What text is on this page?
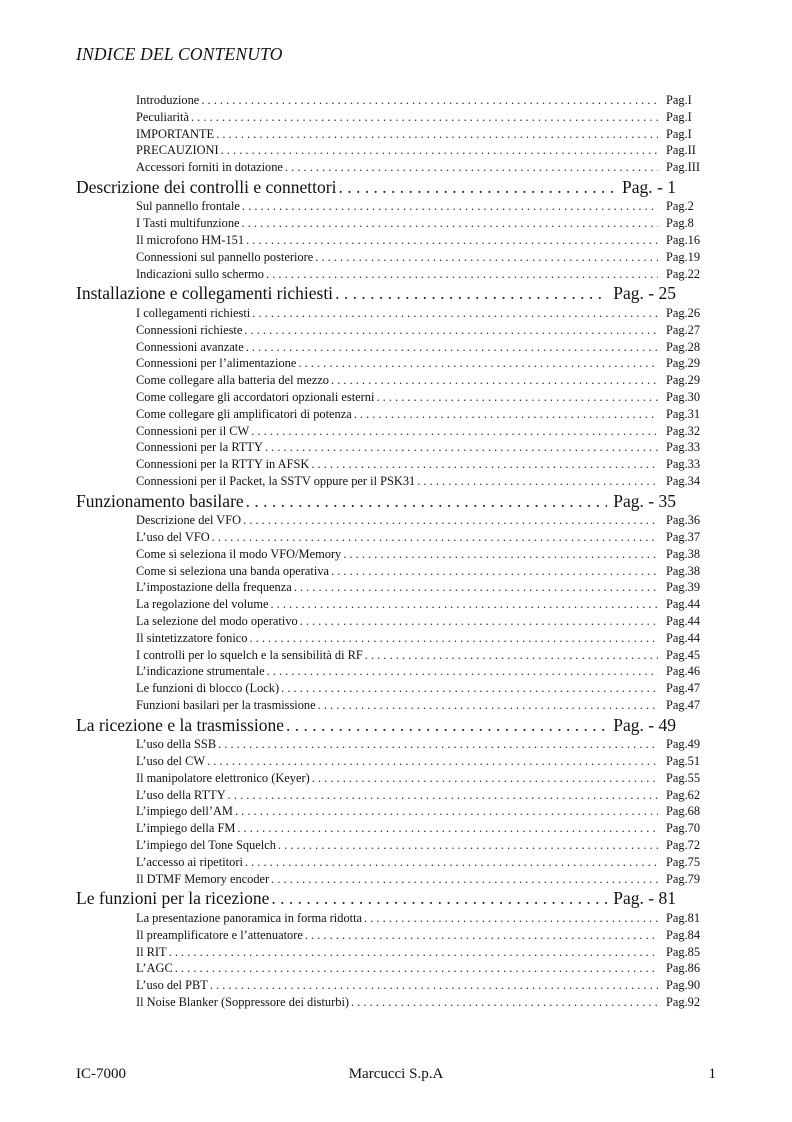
INDICE DEL CONTENUTO
Introduzione . . .	Pag.I
Peculiarità . . .	Pag.I
IMPORTANTE . . .	Pag.I
PRECAUZIONI . . .	Pag.II
Accessori forniti in dotazione . . .	Pag.III
Descrizione dei controlli e connettori . . .	Pag. - 1
Sul pannello frontale . . .	Pag.2
I Tasti multifunzione . . .	Pag.8
Il microfono HM-151 . . .	Pag.16
Connessioni sul pannello posteriore . . .	Pag.19
Indicazioni sullo schermo . . .	Pag.22
Installazione e collegamenti richiesti . . .	Pag. - 25
I collegamenti richiesti . . .	Pag.26
Connessioni richieste . . .	Pag.27
Connessioni avanzate . . .	Pag.28
Connessioni per l’alimentazione . . .	Pag.29
Come collegare alla batteria del mezzo . . .	Pag.29
Come collegare gli accordatori opzionali esterni . . .	Pag.30
Come collegare gli amplificatori di potenza . . .	Pag.31
Connessioni per il CW . . .	Pag.32
Connessioni per la RTTY . . .	Pag.33
Connessioni per la RTTY in AFSK . . .	Pag.33
Connessioni per il Packet, la SSTV oppure per il PSK31 . . .	Pag.34
Funzionamento basilare . . .	Pag. - 35
Descrizione del VFO . . .	Pag.36
L’uso del VFO . . .	Pag.37
Come si seleziona il modo VFO/Memory . . .	Pag.38
Come si seleziona una banda operativa . . .	Pag.38
L’impostazione della frequenza . . .	Pag.39
La regolazione del volume . . .	Pag.44
La selezione del modo operativo . . .	Pag.44
Il sintetizzatore fonico . . .	Pag.44
I controlli per lo squelch e la sensibilità di RF . . .	Pag.45
L’indicazione strumentale . . .	Pag.46
Le funzioni di blocco (Lock) . . .	Pag.47
Funzioni basilari per la trasmissione . . .	Pag.47
La ricezione e la trasmissione . . .	Pag. - 49
L’uso della SSB . . .	Pag.49
L’uso del CW . . .	Pag.51
Il manipolatore elettronico (Keyer) . . .	Pag.55
L’uso della RTTY . . .	Pag.62
L’impiego dell’AM . . .	Pag.68
L’impiego della FM . . .	Pag.70
L’impiego del Tone Squelch . . .	Pag.72
L’accesso ai ripetitori . . .	Pag.75
Il DTMF Memory encoder . . .	Pag.79
Le funzioni per la ricezione . . .	Pag. - 81
La presentazione panoramica in forma ridotta . . .	Pag.81
Il preamplificatore e l’attenuatore . . .	Pag.84
Il RIT . . .	Pag.85
L’AGC . . .	Pag.86
L’uso del PBT . . .	Pag.90
Il Noise Blanker (Soppressore dei disturbi) . . .	Pag.92
IC-7000	Marcucci S.p.A	1
